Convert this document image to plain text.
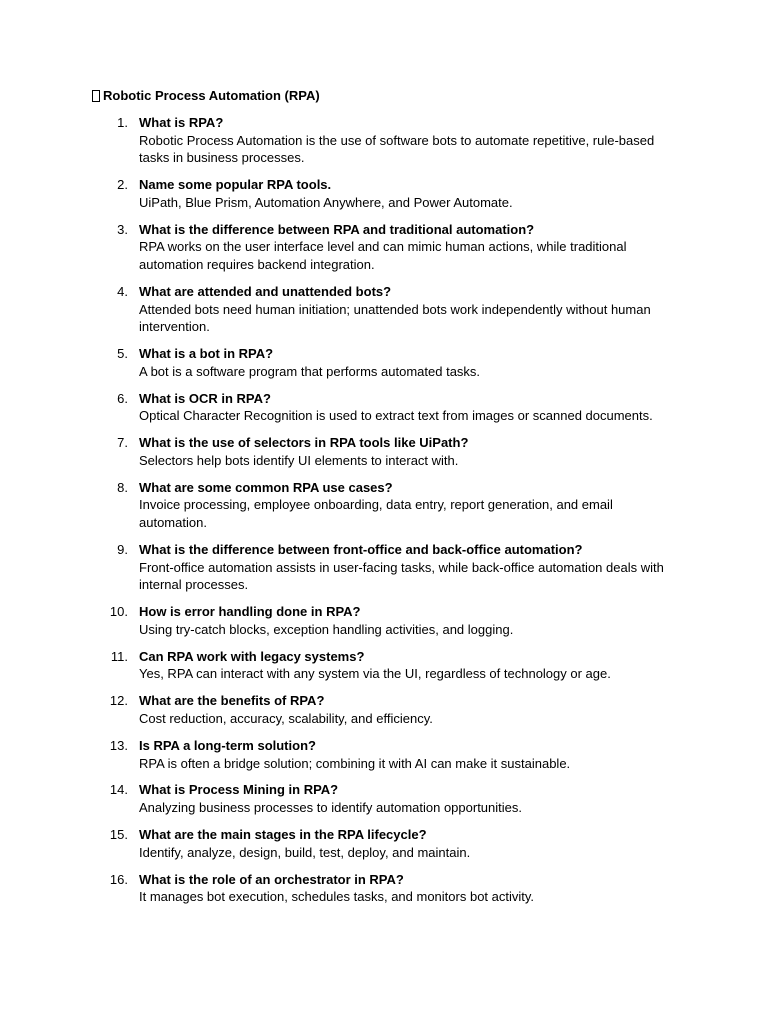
Robotic Process Automation (RPA)
1. What is RPA?
Robotic Process Automation is the use of software bots to automate repetitive, rule-based tasks in business processes.
2. Name some popular RPA tools.
UiPath, Blue Prism, Automation Anywhere, and Power Automate.
3. What is the difference between RPA and traditional automation?
RPA works on the user interface level and can mimic human actions, while traditional automation requires backend integration.
4. What are attended and unattended bots?
Attended bots need human initiation; unattended bots work independently without human intervention.
5. What is a bot in RPA?
A bot is a software program that performs automated tasks.
6. What is OCR in RPA?
Optical Character Recognition is used to extract text from images or scanned documents.
7. What is the use of selectors in RPA tools like UiPath?
Selectors help bots identify UI elements to interact with.
8. What are some common RPA use cases?
Invoice processing, employee onboarding, data entry, report generation, and email automation.
9. What is the difference between front-office and back-office automation?
Front-office automation assists in user-facing tasks, while back-office automation deals with internal processes.
10. How is error handling done in RPA?
Using try-catch blocks, exception handling activities, and logging.
11. Can RPA work with legacy systems?
Yes, RPA can interact with any system via the UI, regardless of technology or age.
12. What are the benefits of RPA?
Cost reduction, accuracy, scalability, and efficiency.
13. Is RPA a long-term solution?
RPA is often a bridge solution; combining it with AI can make it sustainable.
14. What is Process Mining in RPA?
Analyzing business processes to identify automation opportunities.
15. What are the main stages in the RPA lifecycle?
Identify, analyze, design, build, test, deploy, and maintain.
16. What is the role of an orchestrator in RPA?
It manages bot execution, schedules tasks, and monitors bot activity.
